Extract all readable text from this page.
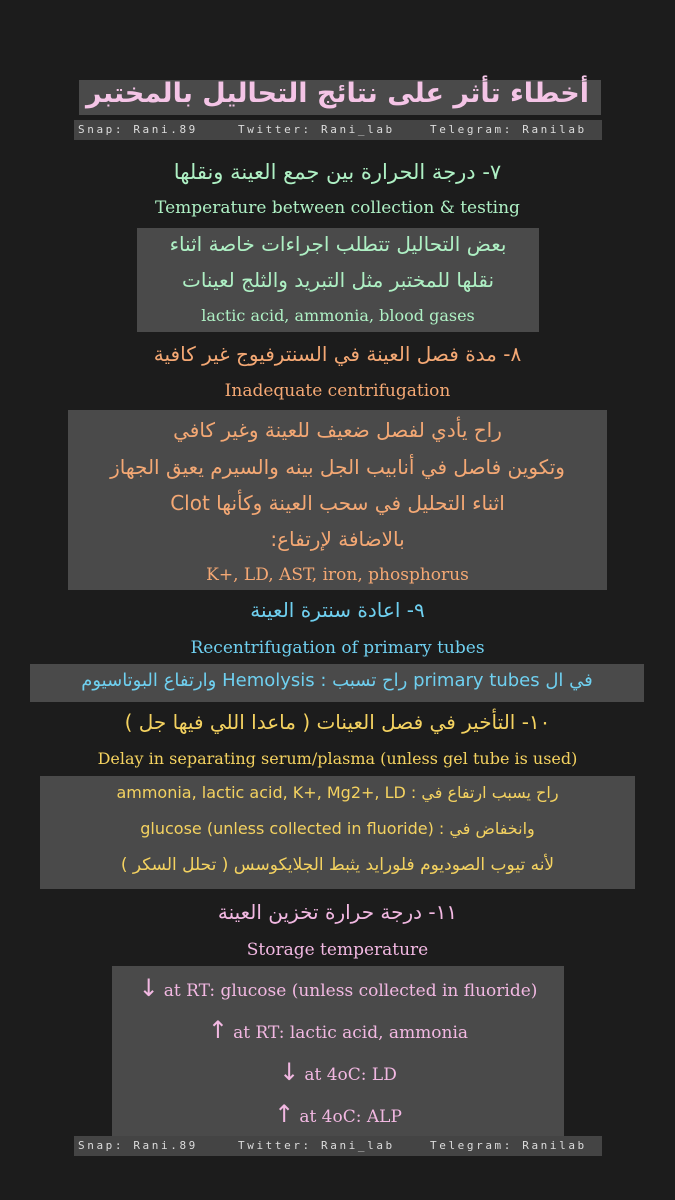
أخطاء تأثر على نتائج التحاليل بالمختبر
Snap: Rani.89	Twitter: Rani_lab	Telegram: Ranilab
٧- درجة الحرارة بين جمع العينة ونقلها
Temperature between collection & testing
بعض التحاليل تتطلب اجراءات خاصة اثناء
نقلها للمختبر مثل التبريد والثلج لعينات
lactic acid, ammonia, blood gases
٨- مدة فصل العينة في السنترفيوج غير كافية
Inadequate centrifugation
راح يأدي لفصل ضعيف للعينة وغير كافي
وتكوين فاصل في أنابيب الجل بينه والسيرم يعيق الجهاز
اثناء التحليل في سحب العينة وكأنها Clot
بالاضافة لإرتفاع:
K+, LD, AST, iron, phosphorus
٩- اعادة سنترة العينة
Recentrifugation of primary tubes
في ال primary tubes راح تسبب : Hemolysis وارتفاع البوتاسيوم
١٠- التأخير في فصل العينات ( ماعدا اللي فيها جل )
Delay in separating serum/plasma (unless gel tube is used)
راح يسبب ارتفاع في : ammonia, lactic acid, K+, Mg2+, LD
وانخفاض في : glucose (unless collected in fluoride)
لأنه تيوب الصوديوم فلورايد يثبط الجلايكوسس ( تحلل السكر )
١١- درجة حرارة تخزين العينة
Storage temperature
↓ at RT: glucose (unless collected in fluoride)
↑ at RT: lactic acid, ammonia
↓ at 4oC: LD
↑ at 4oC: ALP
Snap: Rani.89	Twitter: Rani_lab	Telegram: Ranilab
